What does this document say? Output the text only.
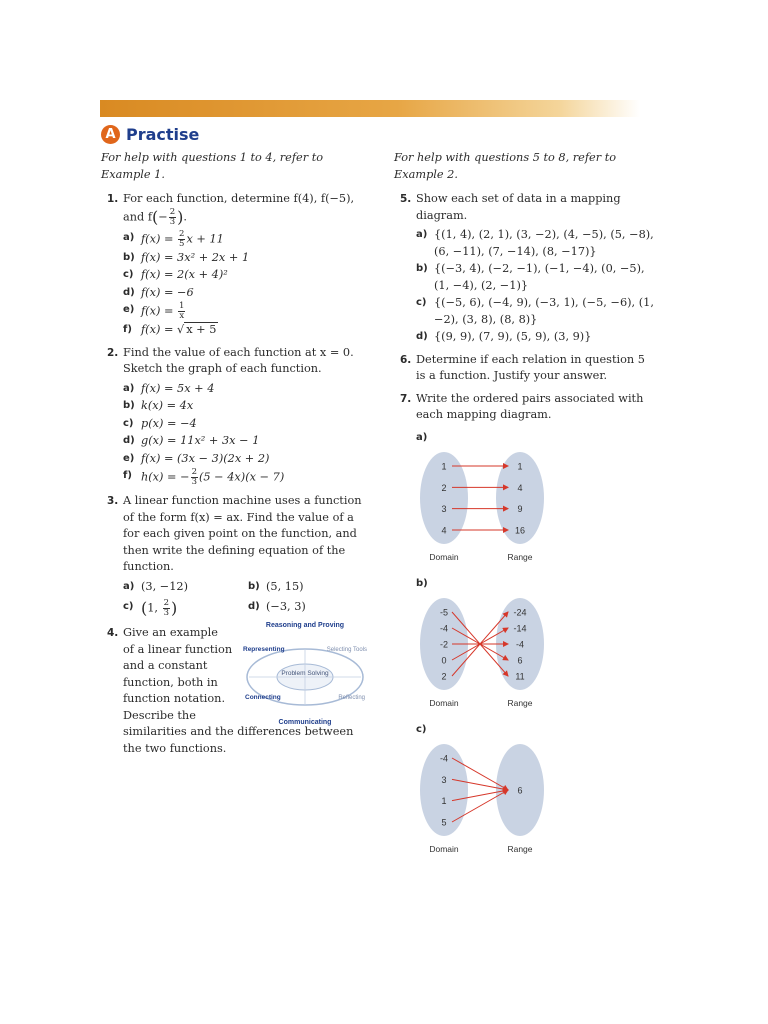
A Practise
For help with questions 1 to 4, refer to Example 1.
1. For each function, determine f(4), f(−5), and $f(- \frac{2}{3}$ ).
a) $f(x) = \frac{2}{5}$ x + 11
b) f(x) = 3x² + 2x + 1
c) f(x) = 2(x + 4)²
d) f(x) = −6
e) $f(x) = \frac{1}{x}$
f) f(x) = √ x + 5
2. Find the value of each function at x = 0. Sketch the graph of each function.
a) f(x) = 5x + 4
b) k(x) = 4x
c) p(x) = −4
d) g(x) = 11x² + 3x − 1
e) f(x) = (3x − 3)(2x + 2)
f) h(x) = − $\frac{2}{3} (5 - 4x)(x - 7)$
3. A linear function machine uses a function of the form f(x) = ax. Find the value of a for each given point on the function, and then write the defining equation of the function.
a) (3, −12)	b) (5, 15)
c) (1, $\frac{2}{3}$ )	d) (−3, 3)
4. Give an example
of a linear function
and a constant
function, both in
function notation.
Describe the
similarities and the differences between the two functions.
Reasoning and Proving
Representing	Selecting Tools
Problem Solving
Connecting	Reflecting
Communicating
For help with questions 5 to 8, refer to Example 2.
5. Show each set of data in a mapping diagram.
a) {(1, 4), (2, 1), (3, −2), (4, −5), (5, −8), (6, −11), (7, −14), (8, −17)}
b) {(−3, 4), (−2, −1), (−1, −4), (0, −5), (1, −4), (2, −1)}
c) {(−5, 6), (−4, 9), (−3, 1), (−5, −6), (1, −2), (3, 8), (8, 8)}
d) {(9, 9), (7, 9), (5, 9), (3, 9)}
6. Determine if each relation in question 5 is a function. Justify your answer.
7. Write the ordered pairs associated with each mapping diagram.
a)
1
2
3
4
1
4
9
16
Domain	Range
b)
-5
-4
-2
0
2
-24
-14
-4
6
11
Domain	Range
c)
-4
3
1
5
6
Domain	Range
